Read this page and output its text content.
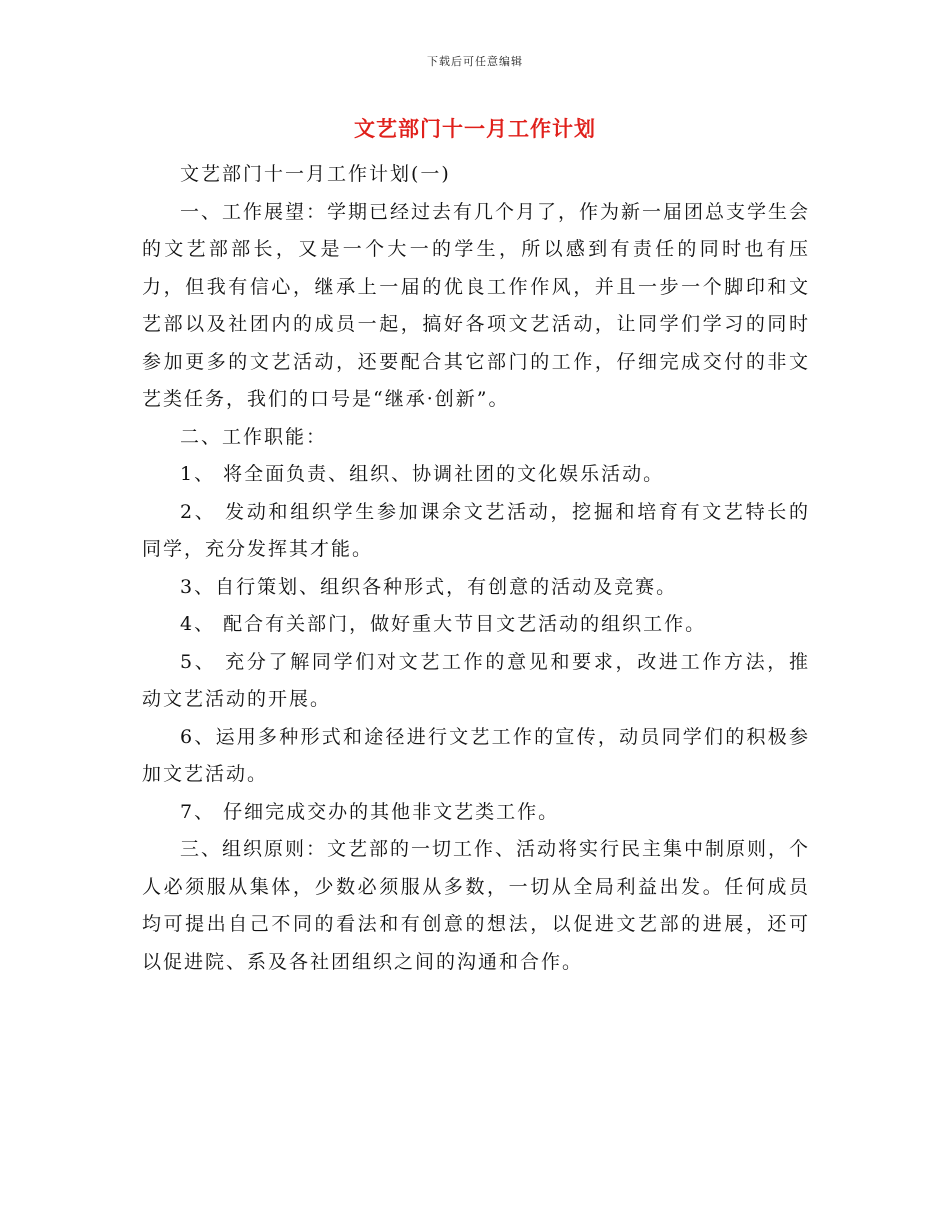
下载后可任意编辑
文艺部门十一月工作计划

文艺部门十一月工作计划(一)

一、工作展望：学期已经过去有几个月了，作为新一届团总支学生会的文艺部部长，又是一个大一的学生，所以感到有责任的同时也有压力，但我有信心，继承上一届的优良工作作风，并且一步一个脚印和文艺部以及社团内的成员一起，搞好各项文艺活动，让同学们学习的同时参加更多的文艺活动，还要配合其它部门的工作，仔细完成交付的非文艺类任务，我们的口号是“继承·创新”。

二、工作职能：

1、 将全面负责、组织、协调社团的文化娱乐活动。

2、 发动和组织学生参加课余文艺活动，挖掘和培育有文艺特长的同学，充分发挥其才能。

3、自行策划、组织各种形式，有创意的活动及竞赛。

4、 配合有关部门，做好重大节目文艺活动的组织工作。

5、 充分了解同学们对文艺工作的意见和要求，改进工作方法，推动文艺活动的开展。

6、运用多种形式和途径进行文艺工作的宣传，动员同学们的积极参加文艺活动。

7、 仔细完成交办的其他非文艺类工作。

三、组织原则：文艺部的一切工作、活动将实行民主集中制原则，个人必须服从集体，少数必须服从多数，一切从全局利益出发。任何成员均可提出自己不同的看法和有创意的想法，以促进文艺部的进展，还可以促进院、系及各社团组织之间的沟通和合作。
